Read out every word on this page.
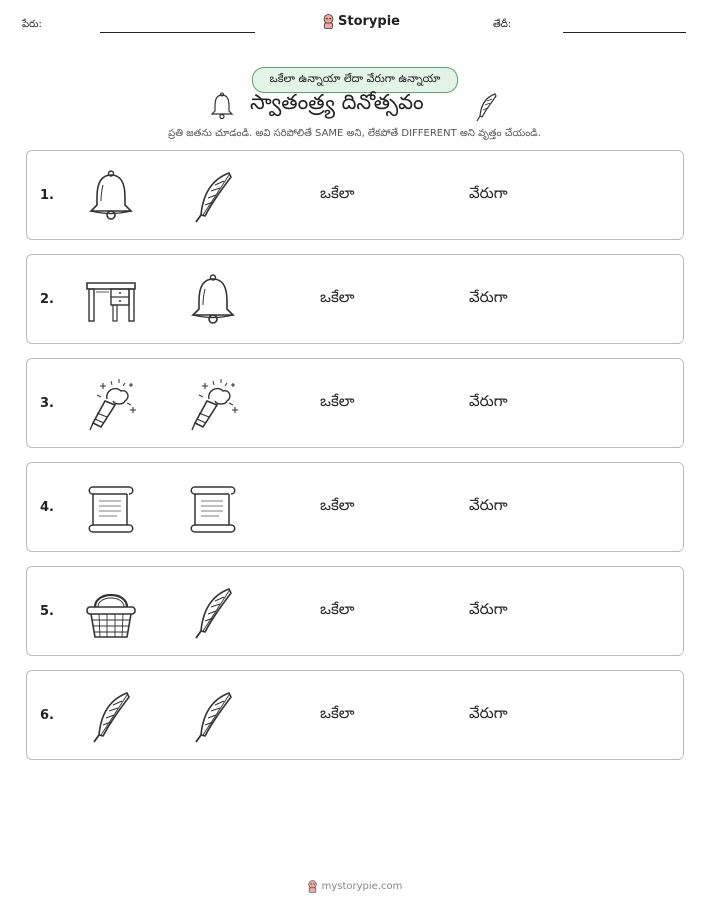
పేరు:	Storypie	తేదీ:
ఒకేలా ఉన్నాయా లేదా వేరుగా ఉన్నాయా
స్వాతంత్ర్య దినోత్సవం
ప్రతి జతను చూడండి. అవి సరిపోలితే SAME అని, లేకపోతే DIFFERENT అని వృత్తం చేయండి.
1.	ఒకేలా	వేరుగా
2.	ఒకేలా	వేరుగా
3.	ఒకేలా	వేరుగా
4.	ఒకేలా	వేరుగా
5.	ఒకేలా	వేరుగా
6.	ఒకేలా	వేరుగా
mystorypie.com
